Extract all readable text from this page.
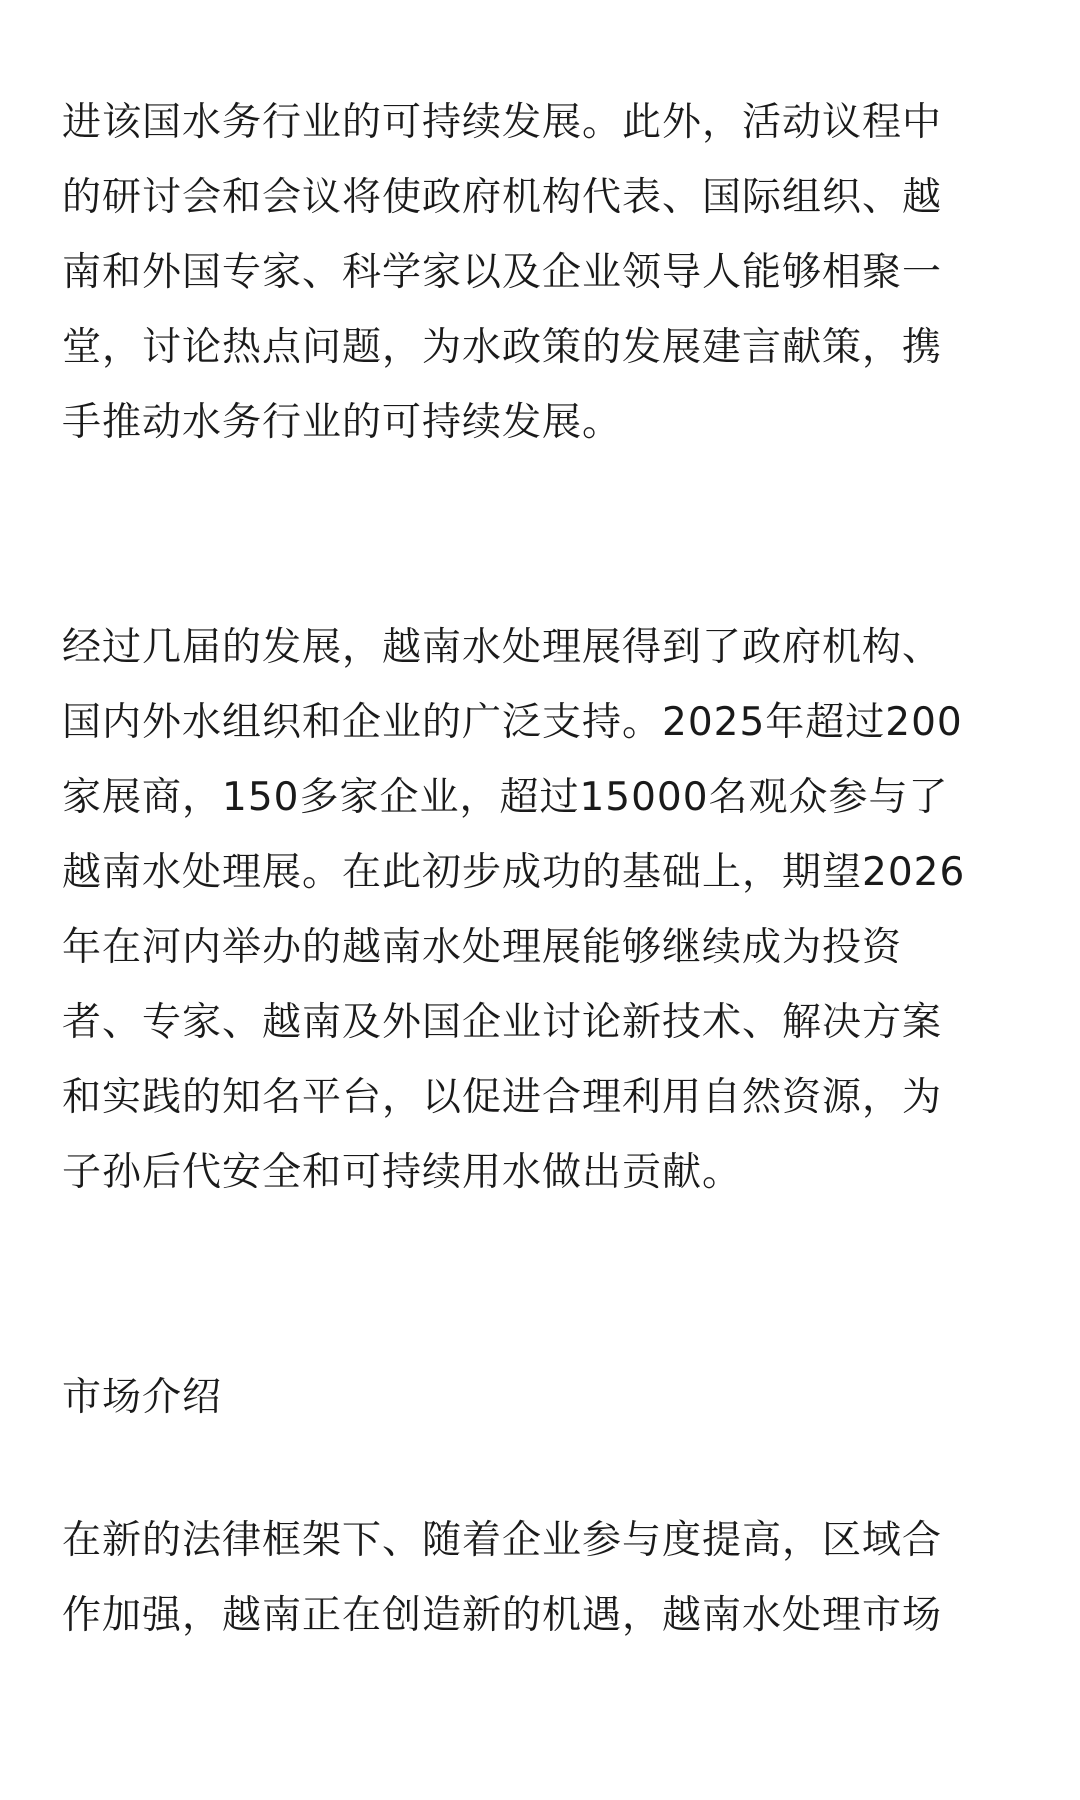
进该国水务行业的可持续发展。此外，活动议程中
的研讨会和会议将使政府机构代表、国际组织、越
南和外国专家、科学家以及企业领导人能够相聚一
堂，讨论热点问题，为水政策的发展建言献策，携
手推动水务行业的可持续发展。

经过几届的发展，越南水处理展得到了政府机构、
国内外水组织和企业的广泛支持。2025年超过200
家展商，150多家企业，超过15000名观众参与了
越南水处理展。在此初步成功的基础上，期望2026
年在河内举办的越南水处理展能够继续成为投资
者、专家、越南及外国企业讨论新技术、解决方案
和实践的知名平台，以促进合理利用自然资源，为
子孙后代安全和可持续用水做出贡献。

市场介绍

在新的法律框架下、随着企业参与度提高，区域合
作加强，越南正在创造新的机遇，越南水处理市场
